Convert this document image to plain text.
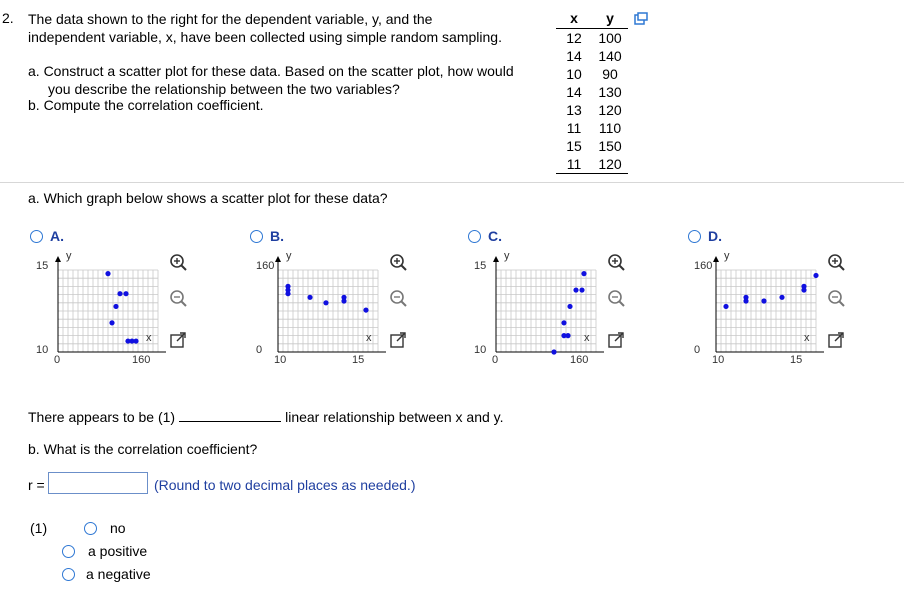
2. The data shown to the right for the dependent variable, y, and the
independent variable, x, have been collected using simple random sampling.
a. Construct a scatter plot for these data. Based on the scatter plot, how would
you describe the relationship between the two variables?
b. Compute the correlation coefficient.
x	y
12	100
14	140
10	90
14	130
13	120
11	110
15	150
11	120
a. Which graph below shows a scatter plot for these data?
A.
y
15
10
x
0	160
B.
y
160
0
x
10	15
C.
y
15
10
x
0	160
D.
y
160
0
x
10	15
There appears to be (1)	linear relationship between x and y.
b. What is the correlation coefficient?
r =	(Round to two decimal places as needed.)
(1)	no
a positive
a negative
